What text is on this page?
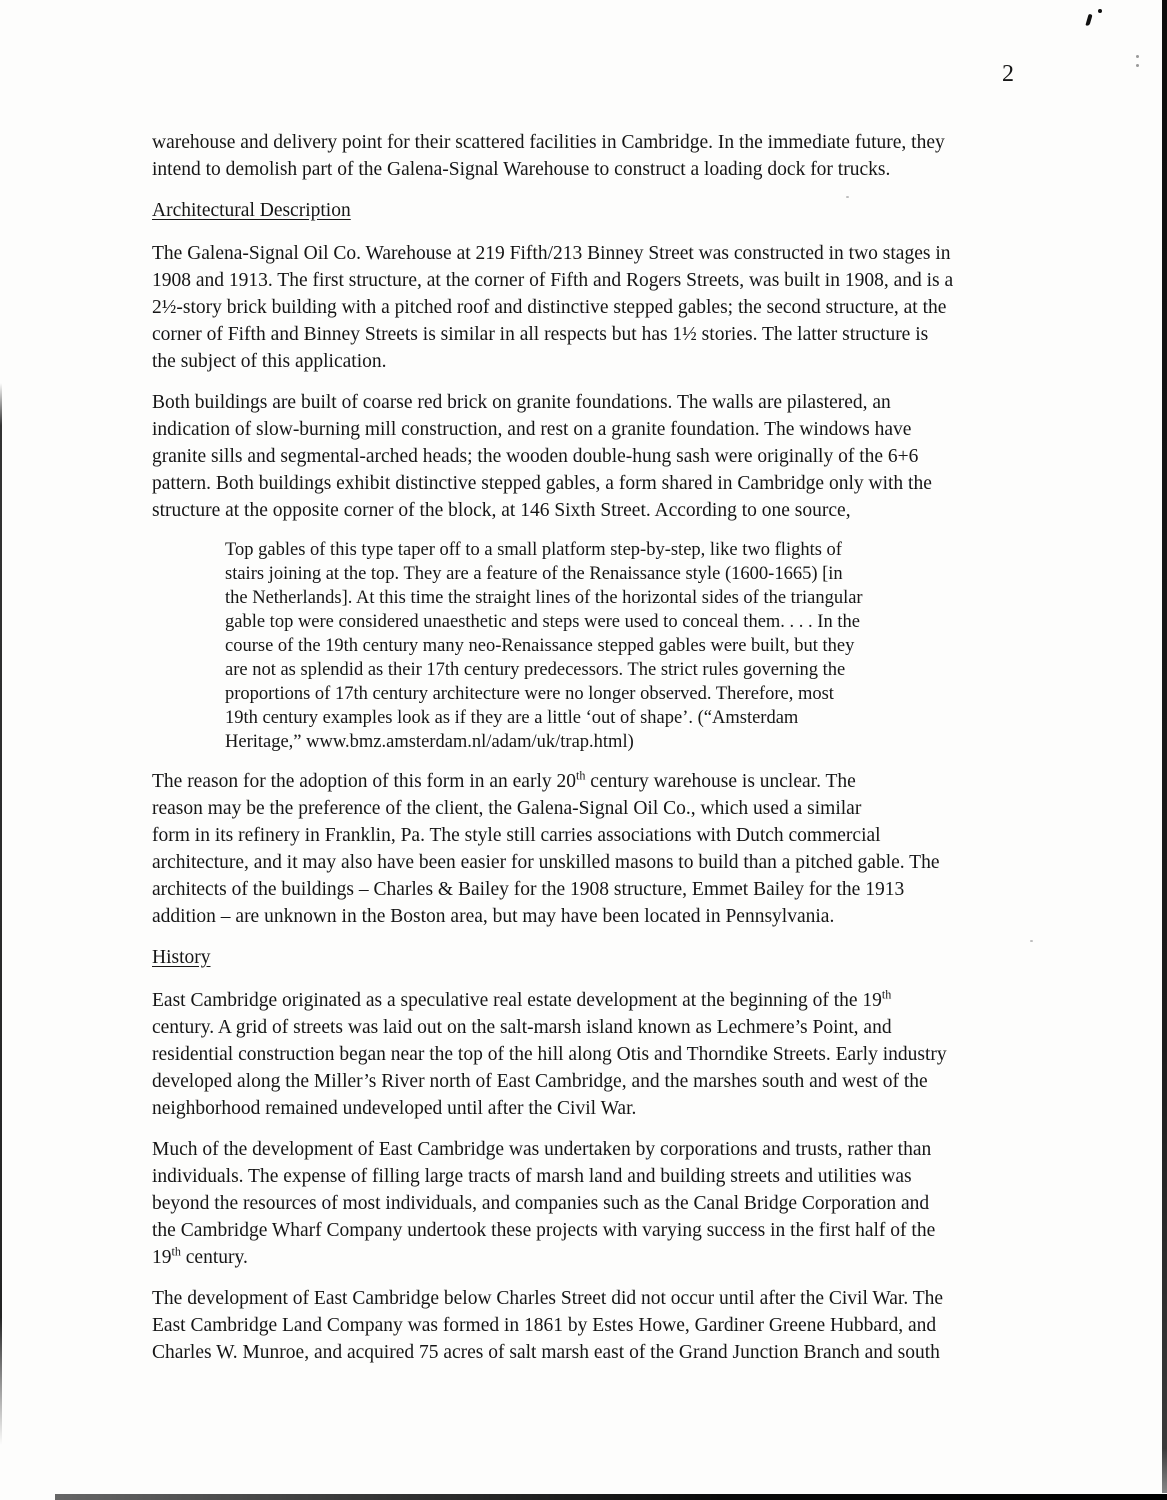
2
warehouse and delivery point for their scattered facilities in Cambridge. In the immediate future, they
intend to demolish part of the Galena-Signal Warehouse to construct a loading dock for trucks.
Architectural Description
The Galena-Signal Oil Co. Warehouse at 219 Fifth/213 Binney Street was constructed in two stages in
1908 and 1913. The first structure, at the corner of Fifth and Rogers Streets, was built in 1908, and is a
2½-story brick building with a pitched roof and distinctive stepped gables; the second structure, at the
corner of Fifth and Binney Streets is similar in all respects but has 1½ stories. The latter structure is
the subject of this application.
Both buildings are built of coarse red brick on granite foundations. The walls are pilastered, an
indication of slow-burning mill construction, and rest on a granite foundation. The windows have
granite sills and segmental-arched heads; the wooden double-hung sash were originally of the 6+6
pattern. Both buildings exhibit distinctive stepped gables, a form shared in Cambridge only with the
structure at the opposite corner of the block, at 146 Sixth Street. According to one source,
Top gables of this type taper off to a small platform step-by-step, like two flights of
stairs joining at the top. They are a feature of the Renaissance style (1600-1665) [in
the Netherlands]. At this time the straight lines of the horizontal sides of the triangular
gable top were considered unaesthetic and steps were used to conceal them. . . . In the
course of the 19th century many neo-Renaissance stepped gables were built, but they
are not as splendid as their 17th century predecessors. The strict rules governing the
proportions of 17th century architecture were no longer observed. Therefore, most
19th century examples look as if they are a little ‘out of shape’. (“Amsterdam
Heritage,” www.bmz.amsterdam.nl/adam/uk/trap.html)
The reason for the adoption of this form in an early 20th century warehouse is unclear. The
reason may be the preference of the client, the Galena-Signal Oil Co., which used a similar
form in its refinery in Franklin, Pa. The style still carries associations with Dutch commercial
architecture, and it may also have been easier for unskilled masons to build than a pitched gable. The
architects of the buildings – Charles & Bailey for the 1908 structure, Emmet Bailey for the 1913
addition – are unknown in the Boston area, but may have been located in Pennsylvania.
History
East Cambridge originated as a speculative real estate development at the beginning of the 19th
century. A grid of streets was laid out on the salt-marsh island known as Lechmere’s Point, and
residential construction began near the top of the hill along Otis and Thorndike Streets. Early industry
developed along the Miller’s River north of East Cambridge, and the marshes south and west of the
neighborhood remained undeveloped until after the Civil War.
Much of the development of East Cambridge was undertaken by corporations and trusts, rather than
individuals. The expense of filling large tracts of marsh land and building streets and utilities was
beyond the resources of most individuals, and companies such as the Canal Bridge Corporation and
the Cambridge Wharf Company undertook these projects with varying success in the first half of the
19th century.
The development of East Cambridge below Charles Street did not occur until after the Civil War. The
East Cambridge Land Company was formed in 1861 by Estes Howe, Gardiner Greene Hubbard, and
Charles W. Munroe, and acquired 75 acres of salt marsh east of the Grand Junction Branch and south
